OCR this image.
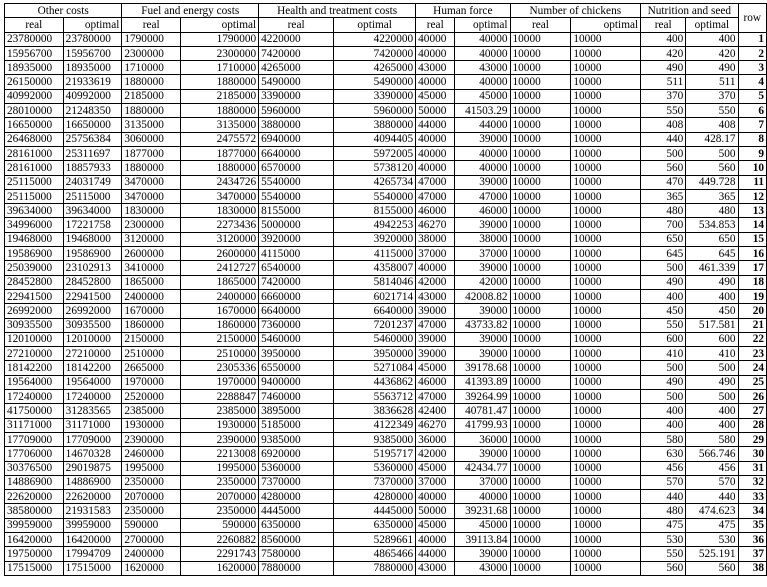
Other costs		Fuel and energy costs		Health and treatment costs		Human force		Number of chickens		Nutrition and seed		row
real	optimal	real	optimal	real	optimal	real	optimal	real	optimal	real	optimal	
23780000	23780000	1790000	1790000	4220000	4220000	40000	40000	10000	10000	400	400	1
15956700	15956700	2300000	2300000	7420000	7420000	40000	40000	10000	10000	420	420	2
18935000	18935000	1710000	1710000	4265000	4265000	43000	43000	10000	10000	490	490	3
26150000	21933619	1880000	1880000	5490000	5490000	40000	40000	10000	10000	511	511	4
40992000	40992000	2185000	2185000	3390000	3390000	45000	45000	10000	10000	370	370	5
28010000	21248350	1880000	1880000	5960000	5960000	50000	41503.29	10000	10000	550	550	6
16650000	16650000	3135000	3135000	3880000	3880000	44000	44000	10000	10000	408	408	7
26468000	25756384	3060000	2475572	6940000	4094405	40000	39000	10000	10000	440	428.17	8
28161000	25311697	1877000	1877000	6640000	5972005	40000	40000	10000	10000	500	500	9
28161000	18857933	1880000	1880000	6570000	5738120	40000	40000	10000	10000	560	560	10
25115000	24031749	3470000	2434726	5540000	4265734	47000	39000	10000	10000	470	449.728	11
25115000	25115000	3470000	3470000	5540000	5540000	47000	47000	10000	10000	365	365	12
39634000	39634000	1830000	1830000	8155000	8155000	46000	46000	10000	10000	480	480	13
34996000	17221758	2300000	2273436	5000000	4942253	46270	39000	10000	10000	700	534.853	14
19468000	19468000	3120000	3120000	3920000	3920000	38000	38000	10000	10000	650	650	15
19586900	19586900	2600000	2600000	4115000	4115000	37000	37000	10000	10000	645	645	16
25039000	23102913	3410000	2412727	6540000	4358007	40000	39000	10000	10000	500	461.339	17
28452800	28452800	1865000	1865000	7420000	5814046	42000	42000	10000	10000	490	490	18
22941500	22941500	2400000	2400000	6660000	6021714	43000	42008.82	10000	10000	400	400	19
26992000	26992000	1670000	1670000	6640000	6640000	39000	39000	10000	10000	450	450	20
30935500	30935500	1860000	1860000	7360000	7201237	47000	43733.82	10000	10000	550	517.581	21
12010000	12010000	2150000	2150000	5460000	5460000	39000	39000	10000	10000	600	600	22
27210000	27210000	2510000	2510000	3950000	3950000	39000	39000	10000	10000	410	410	23
18142200	18142200	2665000	2305336	6550000	5271084	45000	39178.68	10000	10000	500	500	24
19564000	19564000	1970000	1970000	9400000	4436862	46000	41393.89	10000	10000	490	490	25
17240000	17240000	2520000	2288847	7460000	5563712	47000	39264.99	10000	10000	500	500	26
41750000	31283565	2385000	2385000	3895000	3836628	42400	40781.47	10000	10000	400	400	27
31171000	31171000	1930000	1930000	5185000	4122349	46270	41799.93	10000	10000	400	400	28
17709000	17709000	2390000	2390000	9385000	9385000	36000	36000	10000	10000	580	580	29
17706000	14670328	2460000	2213008	6920000	5195717	42000	39000	10000	10000	630	566.746	30
30376500	29019875	1995000	1995000	5360000	5360000	45000	42434.77	10000	10000	456	456	31
14886900	14886900	2350000	2350000	7370000	7370000	37000	37000	10000	10000	570	570	32
22620000	22620000	2070000	2070000	4280000	4280000	40000	40000	10000	10000	440	440	33
38580000	21931583	2350000	2350000	4445000	4445000	50000	39231.68	10000	10000	480	474.623	34
39959000	39959000	590000	590000	6350000	6350000	45000	45000	10000	10000	475	475	35
16420000	16420000	2700000	2260882	8560000	5289661	40000	39113.84	10000	10000	530	530	36
19750000	17994709	2400000	2291743	7580000	4865466	44000	39000	10000	10000	550	525.191	37
17515000	17515000	1620000	1620000	7880000	7880000	43000	43000	10000	10000	560	560	38
